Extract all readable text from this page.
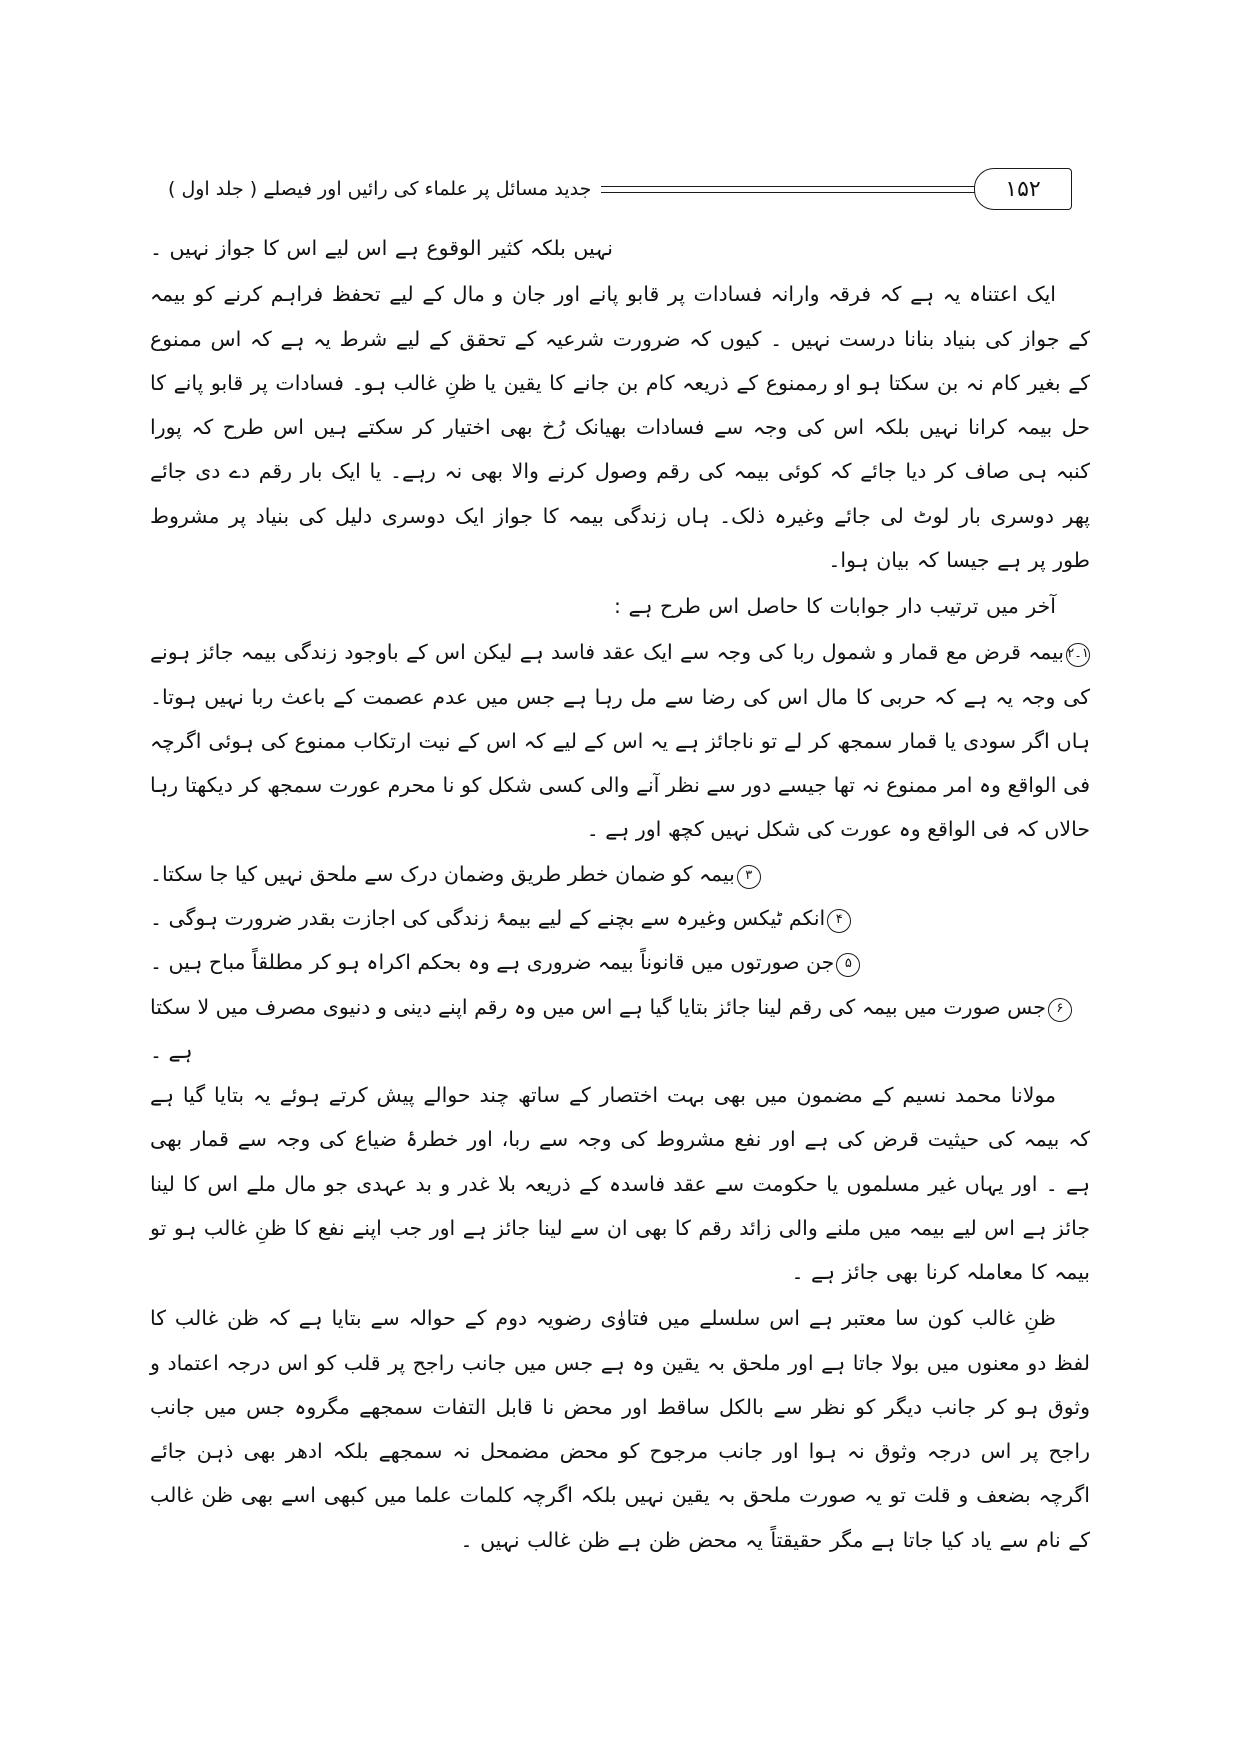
جدید مسائل پر علماء کی رائیں اور فیصلے ( جلد اول )	۱۵۲

نہیں بلکہ کثیر الوقوع ہے اس لیے اس کا جواز نہیں ۔

ایک اعتناہ یہ ہے کہ فرقہ وارانہ فسادات پر قابو پانے اور جان و مال کے لیے تحفظ فراہم کرنے کو بیمہ کے جواز کی بنیاد بنانا درست نہیں ۔ کیوں کہ ضرورت شرعیہ کے تحقق کے لیے شرط یہ ہے کہ اس ممنوع کے بغیر کام نہ بن سکتا ہو او رممنوع کے ذریعہ کام بن جانے کا یقین یا ظنِ غالب ہو۔ فسادات پر قابو پانے کا حل بیمہ کرانا نہیں بلکہ اس کی وجہ سے فسادات بھیانک رُخ بھی اختیار کر سکتے ہیں اس طرح کہ پورا کنبہ ہی صاف کر دیا جائے کہ کوئی بیمہ کی رقم وصول کرنے والا بھی نہ رہے۔ یا ایک بار رقم دے دی جائے پھر دوسری بار لوٹ لی جائے وغیرہ ذلک۔ ہاں زندگی بیمہ کا جواز ایک دوسری دلیل کی بنیاد پر مشروط طور پر ہے جیسا کہ بیان ہوا۔

آخر میں ترتیب دار جوابات کا حاصل اس طرح ہے :

۱۔۲بیمہ قرض مع قمار و شمول ربا کی وجہ سے ایک عقد فاسد ہے لیکن اس کے باوجود زندگی بیمہ جائز ہونے کی وجہ یہ ہے کہ حربی کا مال اس کی رضا سے مل رہا ہے جس میں عدم عصمت کے باعث ربا نہیں ہوتا۔ ہاں اگر سودی یا قمار سمجھ کر لے تو ناجائز ہے یہ اس کے لیے کہ اس کے نیت ارتکاب ممنوع کی ہوئی اگرچہ فی الواقع وہ امر ممنوع نہ تھا جیسے دور سے نظر آنے والی کسی شکل کو نا محرم عورت سمجھ کر دیکھتا رہا حالاں کہ فی الواقع وہ عورت کی شکل نہیں کچھ اور ہے ۔

۳بیمہ کو ضمان خطر طریق وضمان درک سے ملحق نہیں کیا جا سکتا۔

۴انکم ٹیکس وغیرہ سے بچنے کے لیے بیمۂ زندگی کی اجازت بقدر ضرورت ہوگی ۔

۵جن صورتوں میں قانوناً بیمہ ضروری ہے وہ بحکم اکراہ ہو کر مطلقاً مباح ہیں ۔

۶جس صورت میں بیمہ کی رقم لینا جائز بتایا گیا ہے اس میں وہ رقم اپنے دینی و دنیوی مصرف میں لا سکتا ہے ۔

مولانا محمد نسیم کے مضمون میں بھی بہت اختصار کے ساتھ چند حوالے پیش کرتے ہوئے یہ بتایا گیا ہے کہ بیمہ کی حیثیت قرض کی ہے اور نفع مشروط کی وجہ سے ربا، اور خطرۂ ضیاع کی وجہ سے قمار بھی ہے ۔ اور یہاں غیر مسلموں یا حکومت سے عقد فاسدہ کے ذریعہ بلا غدر و بد عہدی جو مال ملے اس کا لینا جائز ہے اس لیے بیمہ میں ملنے والی زائد رقم کا بھی ان سے لینا جائز ہے اور جب اپنے نفع کا ظنِ غالب ہو تو بیمہ کا معاملہ کرنا بھی جائز ہے ۔

ظنِ غالب کون سا معتبر ہے اس سلسلے میں فتاوٰی رضویہ دوم کے حوالہ سے بتایا ہے کہ ظن غالب کا لفظ دو معنوں میں بولا جاتا ہے اور ملحق بہ یقین وہ ہے جس میں جانب راجح پر قلب کو اس درجہ اعتماد و وثوق ہو کر جانب دیگر کو نظر سے بالکل ساقط اور محض نا قابل التفات سمجھے مگروہ جس میں جانب راجح پر اس درجہ وثوق نہ ہوا اور جانب مرجوح کو محض مضمحل نہ سمجھے بلکہ ادھر بھی ذہن جائے اگرچہ بضعف و قلت تو یہ صورت ملحق بہ یقین نہیں بلکہ اگرچہ کلمات علما میں کبھی اسے بھی ظن غالب کے نام سے یاد کیا جاتا ہے مگر حقیقتاً یہ محض ظن ہے ظن غالب نہیں ۔
